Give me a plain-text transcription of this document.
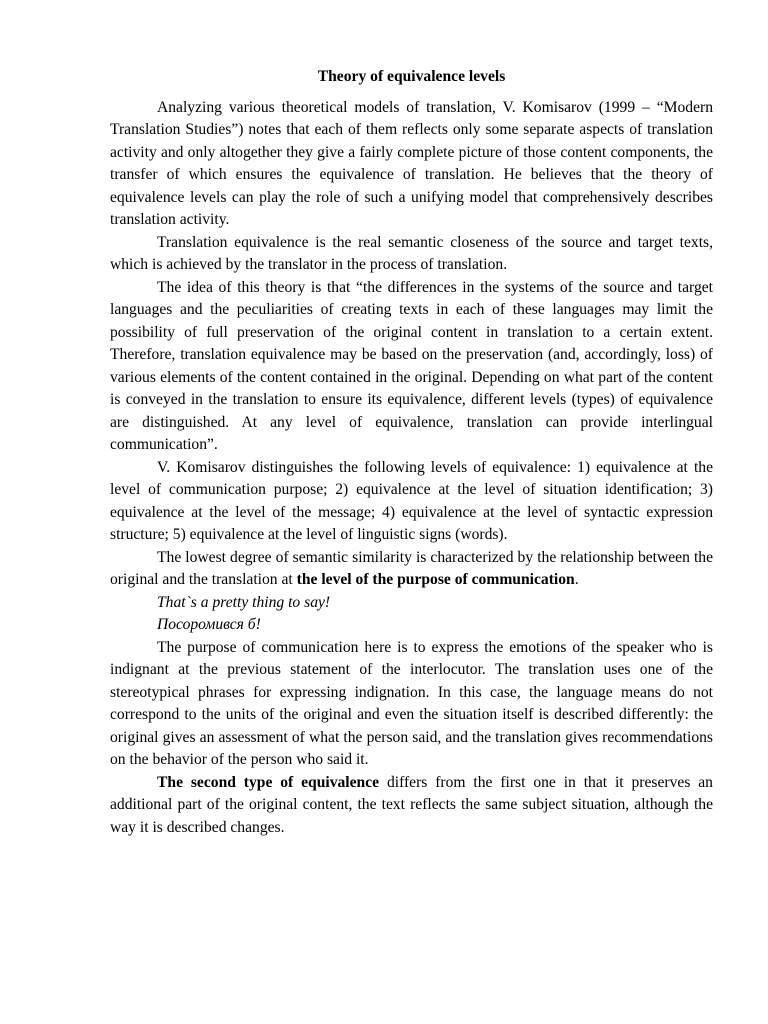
Theory of equivalence levels

Analyzing various theoretical models of translation, V. Komisarov (1999 – “Modern Translation Studies”) notes that each of them reflects only some separate aspects of translation activity and only altogether they give a fairly complete picture of those content components, the transfer of which ensures the equivalence of translation. He believes that the theory of equivalence levels can play the role of such a unifying model that comprehensively describes translation activity.

Translation equivalence is the real semantic closeness of the source and target texts, which is achieved by the translator in the process of translation.

The idea of this theory is that “the differences in the systems of the source and target languages and the peculiarities of creating texts in each of these languages may limit the possibility of full preservation of the original content in translation to a certain extent. Therefore, translation equivalence may be based on the preservation (and, accordingly, loss) of various elements of the content contained in the original. Depending on what part of the content is conveyed in the translation to ensure its equivalence, different levels (types) of equivalence are distinguished. At any level of equivalence, translation can provide interlingual communication”.

V. Komisarov distinguishes the following levels of equivalence: 1) equivalence at the level of communication purpose; 2) equivalence at the level of situation identification; 3) equivalence at the level of the message; 4) equivalence at the level of syntactic expression structure; 5) equivalence at the level of linguistic signs (words).

The lowest degree of semantic similarity is characterized by the relationship between the original and the translation at the level of the purpose of communication.

That`s a pretty thing to say!

Посоромився б!

The purpose of communication here is to express the emotions of the speaker who is indignant at the previous statement of the interlocutor. The translation uses one of the stereotypical phrases for expressing indignation. In this case, the language means do not correspond to the units of the original and even the situation itself is described differently: the original gives an assessment of what the person said, and the translation gives recommendations on the behavior of the person who said it.

The second type of equivalence differs from the first one in that it preserves an additional part of the original content, the text reflects the same subject situation, although the way it is described changes.
